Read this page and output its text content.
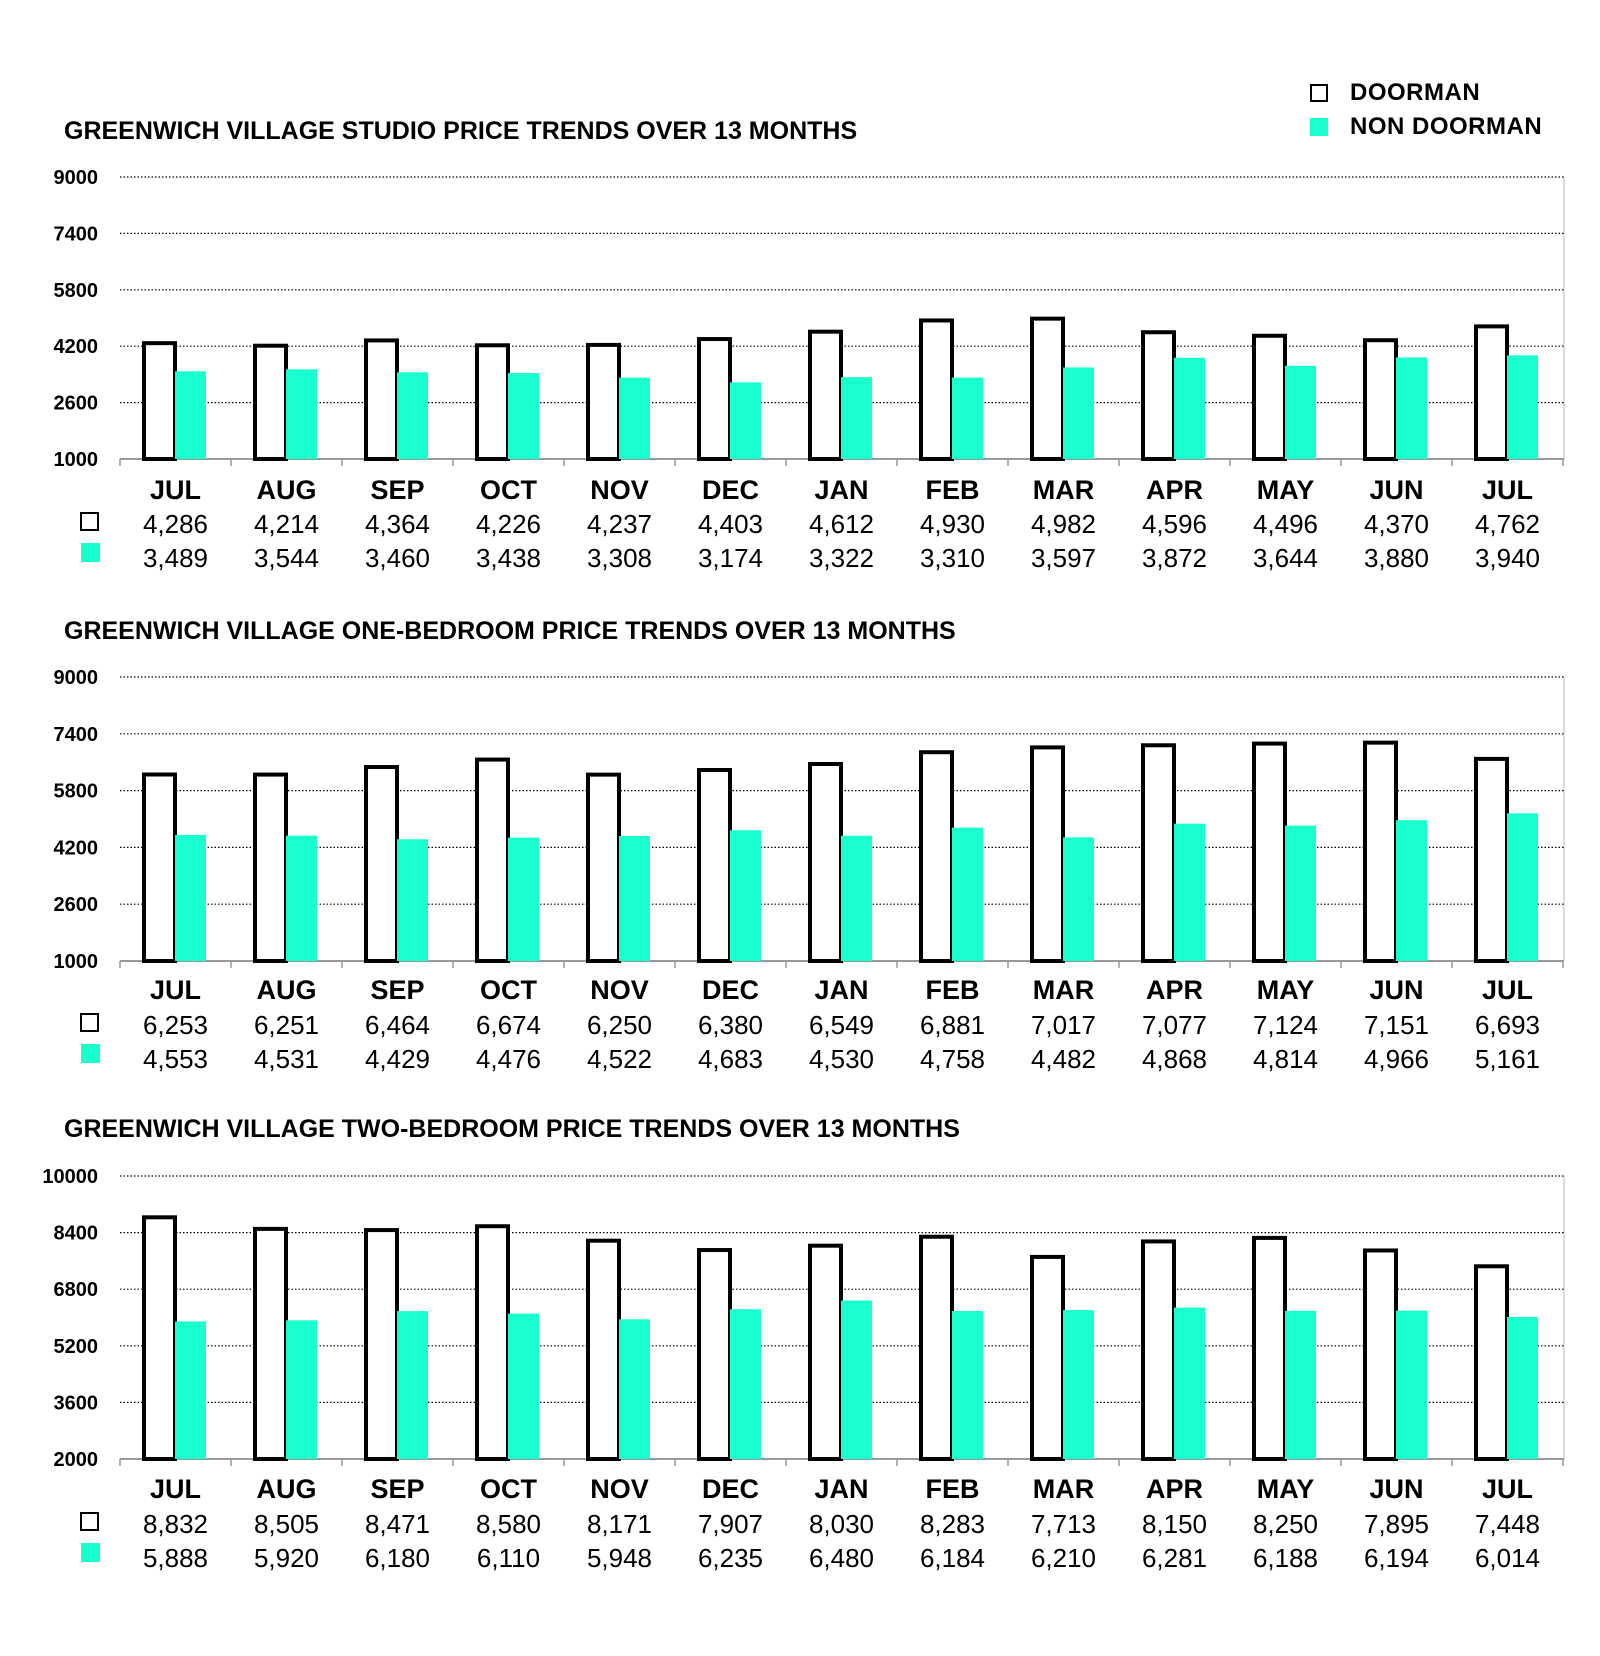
DOORMAN
NON DOORMAN
GREENWICH VILLAGE STUDIO PRICE TRENDS OVER 13 MONTHS
1000
2600
4200
5800
7400
9000
JUL
4,286
3,489
AUG
4,214
3,544
SEP
4,364
3,460
OCT
4,226
3,438
NOV
4,237
3,308
DEC
4,403
3,174
JAN
4,612
3,322
FEB
4,930
3,310
MAR
4,982
3,597
APR
4,596
3,872
MAY
4,496
3,644
JUN
4,370
3,880
JUL
4,762
3,940
GREENWICH VILLAGE ONE-BEDROOM PRICE TRENDS OVER 13 MONTHS
1000
2600
4200
5800
7400
9000
JUL
6,253
4,553
AUG
6,251
4,531
SEP
6,464
4,429
OCT
6,674
4,476
NOV
6,250
4,522
DEC
6,380
4,683
JAN
6,549
4,530
FEB
6,881
4,758
MAR
7,017
4,482
APR
7,077
4,868
MAY
7,124
4,814
JUN
7,151
4,966
JUL
6,693
5,161
GREENWICH VILLAGE TWO-BEDROOM PRICE TRENDS OVER 13 MONTHS
2000
3600
5200
6800
8400
10000
JUL
8,832
5,888
AUG
8,505
5,920
SEP
8,471
6,180
OCT
8,580
6,110
NOV
8,171
5,948
DEC
7,907
6,235
JAN
8,030
6,480
FEB
8,283
6,184
MAR
7,713
6,210
APR
8,150
6,281
MAY
8,250
6,188
JUN
7,895
6,194
JUL
7,448
6,014
